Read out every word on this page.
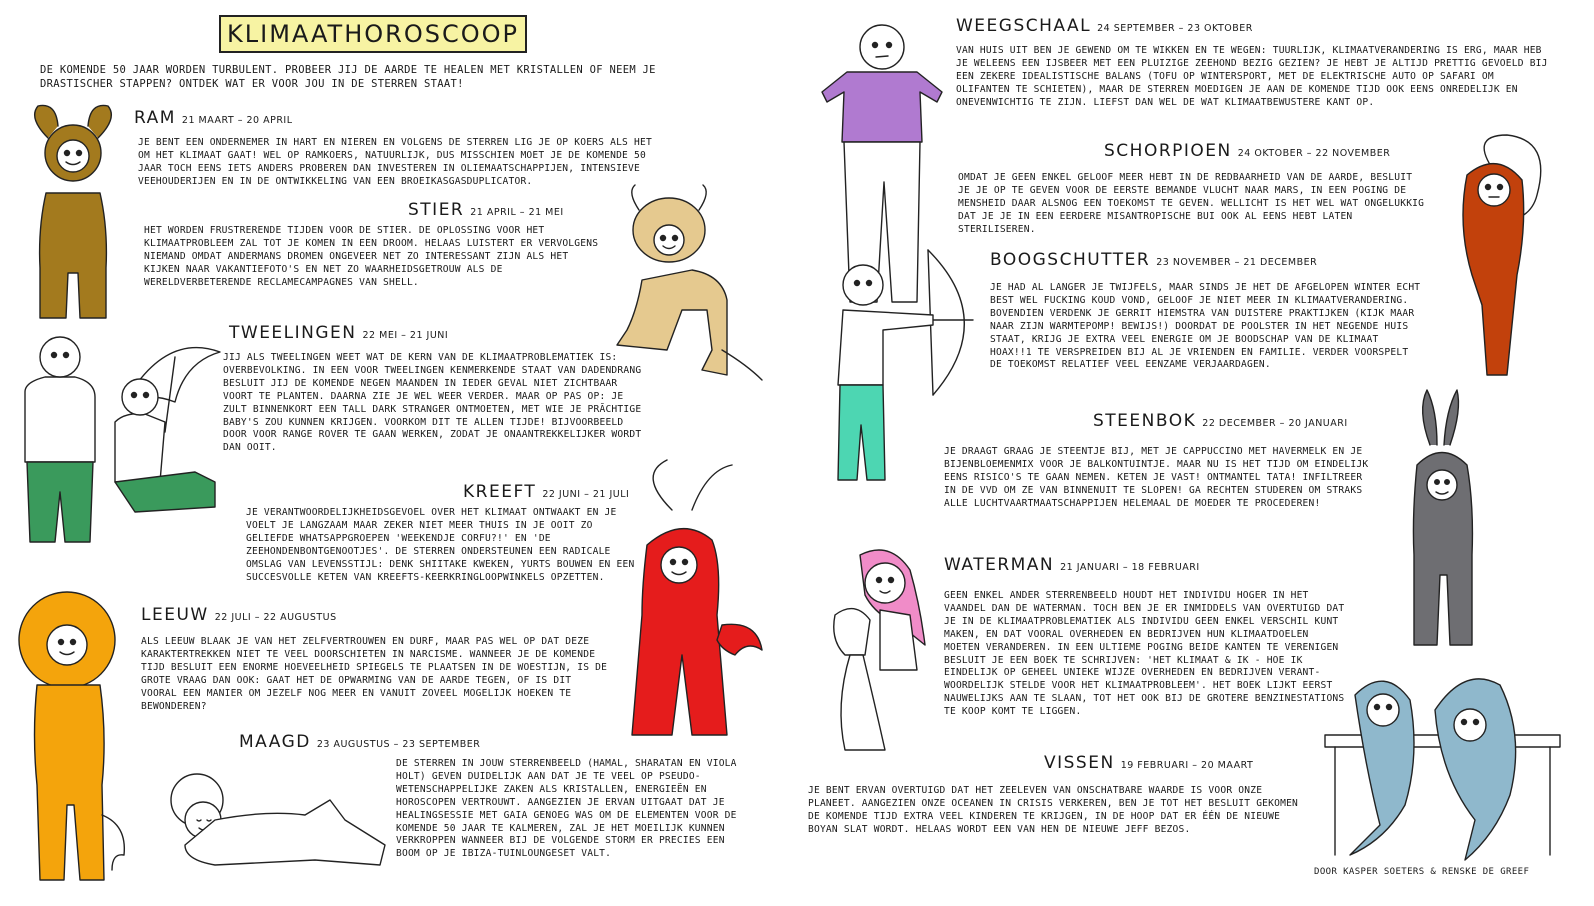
KLIMAATHOROSCOOP
DE KOMENDE 50 JAAR WORDEN TURBULENT. PROBEER JIJ DE AARDE TE HEALEN MET KRISTALLEN OF NEEM JE DRASTISCHER STAPPEN? ONTDEK WAT ER VOOR JOU IN DE STERREN STAAT!
RAM 21 MAART – 20 APRIL
JE BENT EEN ONDERNEMER IN HART EN NIEREN EN VOLGENS DE STERREN LIG JE OP KOERS ALS HET OM HET KLIMAAT GAAT! WEL OP RAMKOERS, NATUURLIJK, DUS MISSCHIEN MOET JE DE KOMENDE 50 JAAR TOCH EENS IETS ANDERS PROBEREN DAN INVESTEREN IN OLIEMAATSCHAPPIJEN, INTENSIEVE VEEHOUDERIJEN EN IN DE ONTWIKKELING VAN EEN BROEIKASGASDUPLICATOR.
STIER 21 APRIL – 21 MEI
HET WORDEN FRUSTRERENDE TIJDEN VOOR DE STIER. DE OPLOSSING VOOR HET KLIMAATPROBLEEM ZAL TOT JE KOMEN IN EEN DROOM. HELAAS LUISTERT ER VERVOLGENS NIEMAND OMDAT ANDERMANS DROMEN ONGEVEER NET ZO INTERESSANT ZIJN ALS HET KIJKEN NAAR VAKANTIEFOTO'S EN NET ZO WAARHEIDSGETROUW ALS DE WERELDVERBETERENDE RECLAMECAMPAGNES VAN SHELL.
TWEELINGEN 22 MEI – 21 JUNI
JIJ ALS TWEELINGEN WEET WAT DE KERN VAN DE KLIMAATPROBLEMATIEK IS: OVERBEVOLKING. IN EEN VOOR TWEELINGEN KENMERKENDE STAAT VAN DADENDRANG BESLUIT JIJ DE KOMENDE NEGEN MAANDEN IN IEDER GEVAL NIET ZICHTBAAR VOORT TE PLANTEN. DAARNA ZIE JE WEL WEER VERDER. MAAR OP PAS OP: JE ZULT BINNENKORT EEN TALL DARK STRANGER ONTMOETEN, MET WIE JE PRĀCHTIGE BABY'S ZOU KUNNEN KRIJGEN. VOORKOM DIT TE ALLEN TIJDE! BIJVOORBEELD DOOR VOOR RANGE ROVER TE GAAN WERKEN, ZODAT JE ONAANTREKKELIJKER WORDT DAN OOIT.
KREEFT 22 JUNI – 21 JULI
JE VERANTWOORDELIJKHEIDSGEVOEL OVER HET KLIMAAT ONTWAAKT EN JE VOELT JE LANGZAAM MAAR ZEKER NIET MEER THUIS IN JE OOIT ZO GELIEFDE WHATSAPPGROEPEN 'WEEKENDJE CORFU?!' EN 'DE ZEEHONDENBONTGENOOTJES'. DE STERREN ONDERSTEUNEN EEN RADICALE OMSLAG VAN LEVENSSTIJL: DENK SHIITAKE KWEKEN, YURTS BOUWEN EN EEN SUCCESVOLLE KETEN VAN KREEFTS-KEERKRINGLOOPWINKELS OPZETTEN.
LEEUW 22 JULI – 22 AUGUSTUS
ALS LEEUW BLAAK JE VAN HET ZELFVERTROUWEN EN DURF, MAAR PAS WEL OP DAT DEZE KARAKTERTREKKEN NIET TE VEEL DOORSCHIETEN IN NARCISME. WANNEER JE DE KOMENDE TIJD BESLUIT EEN ENORME HOEVEELHEID SPIEGELS TE PLAATSEN IN DE WOESTIJN, IS DE GROTE VRAAG DAN OOK: GAAT HET DE OPWARMING VAN DE AARDE TEGEN, OF IS DIT VOORAL EEN MANIER OM JEZELF NOG MEER EN VANUIT ZOVEEL MOGELIJK HOEKEN TE BEWONDEREN?
MAAGD 23 AUGUSTUS – 23 SEPTEMBER
DE STERREN IN JOUW STERRENBEELD (HAMAL, SHARATAN EN VIOLA HOLT) GEVEN DUIDELIJK AAN DAT JE TE VEEL OP PSEUDO-WETENSCHAPPELIJKE ZAKEN ALS KRISTALLEN, ENERGIEËN EN HOROSCOPEN VERTROUWT. AANGEZIEN JE ERVAN UITGAAT DAT JE HEALINGSESSIE MET GAIA GENOEG WAS OM DE ELEMENTEN VOOR DE KOMENDE 50 JAAR TE KALMEREN, ZAL JE HET MOEILIJK KUNNEN VERKROPPEN WANNEER BIJ DE VOLGENDE STORM ER PRECIES EEN BOOM OP JE IBIZA-TUINLOUNGESET VALT.
WEEGSCHAAL 24 SEPTEMBER – 23 OKTOBER
VAN HUIS UIT BEN JE GEWEND OM TE WIKKEN EN TE WEGEN: TUURLIJK, KLIMAATVERANDERING IS ERG, MAAR HEB JE WELEENS EEN IJSBEER MET EEN PLUIZIGE ZEEHOND BEZIG GEZIEN? JE HEBT JE ALTIJD PRETTIG GEVOELD BIJ EEN ZEKERE IDEALISTISCHE BALANS (TOFU OP WINTERSPORT, MET DE ELEKTRISCHE AUTO OP SAFARI OM OLIFANTEN TE SCHIETEN), MAAR DE STERREN MOEDIGEN JE AAN DE KOMENDE TIJD OOK EENS ONREDELIJK EN ONEVENWICHTIG TE ZIJN. LIEFST DAN WEL DE WAT KLIMAATBEWUSTERE KANT OP.
SCHORPIOEN 24 OKTOBER – 22 NOVEMBER
OMDAT JE GEEN ENKEL GELOOF MEER HEBT IN DE REDBAARHEID VAN DE AARDE, BESLUIT JE JE OP TE GEVEN VOOR DE EERSTE BEMANDE VLUCHT NAAR MARS, IN EEN POGING DE MENSHEID DAAR ALSNOG EEN TOEKOMST TE GEVEN. WELLICHT IS HET WEL WAT ONGELUKKIG DAT JE JE IN EEN EERDERE MISANTROPISCHE BUI OOK AL EENS HEBT LATEN STERILISEREN.
BOOGSCHUTTER 23 NOVEMBER – 21 DECEMBER
JE HAD AL LANGER JE TWIJFELS, MAAR SINDS JE HET DE AFGELOPEN WINTER ECHT BEST WEL FUCKING KOUD VOND, GELOOF JE NIET MEER IN KLIMAATVERANDERING. BOVENDIEN VERDENK JE GERRIT HIEMSTRA VAN DUISTERE PRAKTIJKEN (KIJK MAAR NAAR ZIJN WARMTEPOMP! BEWIJS!) DOORDAT DE POOLSTER IN HET NEGENDE HUIS STAAT, KRIJG JE EXTRA VEEL ENERGIE OM JE BOODSCHAP VAN DE KLIMAAT HOAX!!1 TE VERSPREIDEN BIJ AL JE VRIENDEN EN FAMILIE. VERDER VOORSPELT DE TOEKOMST RELATIEF VEEL EENZAME VERJAARDAGEN.
STEENBOK 22 DECEMBER – 20 JANUARI
JE DRAAGT GRAAG JE STEENTJE BIJ, MET JE CAPPUCCINO MET HAVERMELK EN JE BIJENBLOEMENMIX VOOR JE BALKONTUINTJE. MAAR NU IS HET TIJD OM EINDELIJK EENS RISICO'S TE GAAN NEMEN. KETEN JE VAST! ONTMANTEL TATA! INFILTREER IN DE VVD OM ZE VAN BINNENUIT TE SLOPEN! GA RECHTEN STUDEREN OM STRAKS ALLE LUCHTVAARTMAATSCHAPPIJEN HELEMAAL DE MOEDER TE PROCEDEREN!
WATERMAN 21 JANUARI – 18 FEBRUARI
GEEN ENKEL ANDER STERRENBEELD HOUDT HET INDIVIDU HOGER IN HET VAANDEL DAN DE WATERMAN. TOCH BEN JE ER INMIDDELS VAN OVERTUIGD DAT JE IN DE KLIMAATPROBLEMATIEK ALS INDIVIDU GEEN ENKEL VERSCHIL KUNT MAKEN, EN DAT VOORAL OVERHEDEN EN BEDRIJVEN HUN KLIMAATDOELEN MOETEN VERANDEREN. IN EEN ULTIEME POGING BEIDE KANTEN TE VERENIGEN BESLUIT JE EEN BOEK TE SCHRIJVEN: 'HET KLIMAAT & IK - HOE IK EINDELIJK OP GEHEEL UNIEKE WIJZE OVERHEDEN EN BEDRIJVEN VERANTWOORDELIJK STELDE VOOR HET KLIMAATPROBLEEM'. HET BOEK LIJKT EERST NAUWELIJKS AAN TE SLAAN, TOT HET OOK BIJ DE GROTERE BENZINESTATIONS TE KOOP KOMT TE LIGGEN.
VISSEN 19 FEBRUARI – 20 MAART
JE BENT ERVAN OVERTUIGD DAT HET ZEELEVEN VAN ONSCHATBARE WAARDE IS VOOR ONZE PLANEET. AANGEZIEN ONZE OCEANEN IN CRISIS VERKEREN, BEN JE TOT HET BESLUIT GEKOMEN DE KOMENDE TIJD EXTRA VEEL KINDEREN TE KRIJGEN, IN DE HOOP DAT ER ÉÉN DE NIEUWE BOYAN SLAT WORDT. HELAAS WORDT EEN VAN HEN DE NIEUWE JEFF BEZOS.
DOOR KASPER SOETERS & RENSKE DE GREEF
